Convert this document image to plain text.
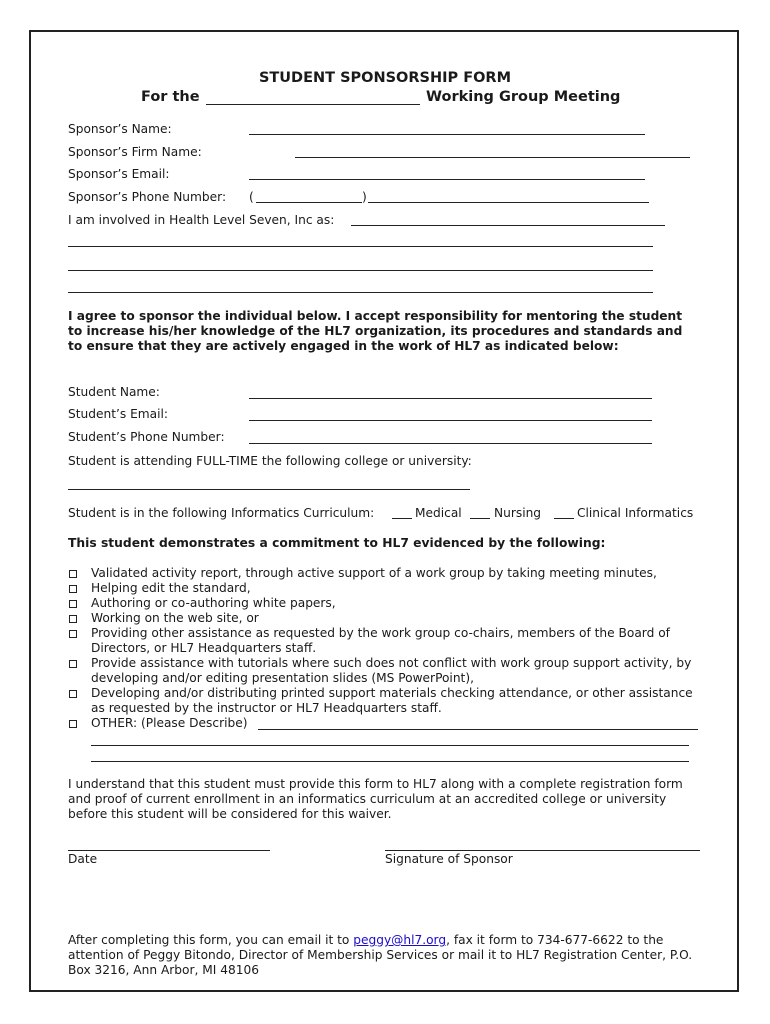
STUDENT SPONSORSHIP FORM
For the	Working Group Meeting
Sponsor’s Name:
Sponsor’s Firm Name:
Sponsor’s Email:
Sponsor’s Phone Number: (	)
I am involved in Health Level Seven, Inc as:
I agree to sponsor the individual below. I accept responsibility for mentoring the student to increase his/her knowledge of the HL7 organization, its procedures and standards and to ensure that they are actively engaged in the work of HL7 as indicated below:
Student Name:
Student’s Email:
Student’s Phone Number:
Student is attending FULL-TIME the following college or university:
Student is in the following Informatics Curriculum:	Medical	Nursing	Clinical Informatics
This student demonstrates a commitment to HL7 evidenced by the following:
Validated activity report, through active support of a work group by taking meeting minutes,
Helping edit the standard,
Authoring or co-authoring white papers,
Working on the web site, or
Providing other assistance as requested by the work group co-chairs, members of the Board of Directors, or HL7 Headquarters staff.
Provide assistance with tutorials where such does not conflict with work group support activity, by developing and/or editing presentation slides (MS PowerPoint),
Developing and/or distributing printed support materials checking attendance, or other assistance as requested by the instructor or HL7 Headquarters staff.
OTHER: (Please Describe)
I understand that this student must provide this form to HL7 along with a complete registration form and proof of current enrollment in an informatics curriculum at an accredited college or university before this student will be considered for this waiver.
Date	Signature of Sponsor
After completing this form, you can email it to peggy@hl7.org, fax it form to 734-677-6622 to the attention of Peggy Bitondo, Director of Membership Services or mail it to HL7 Registration Center, P.O. Box 3216, Ann Arbor, MI 48106
